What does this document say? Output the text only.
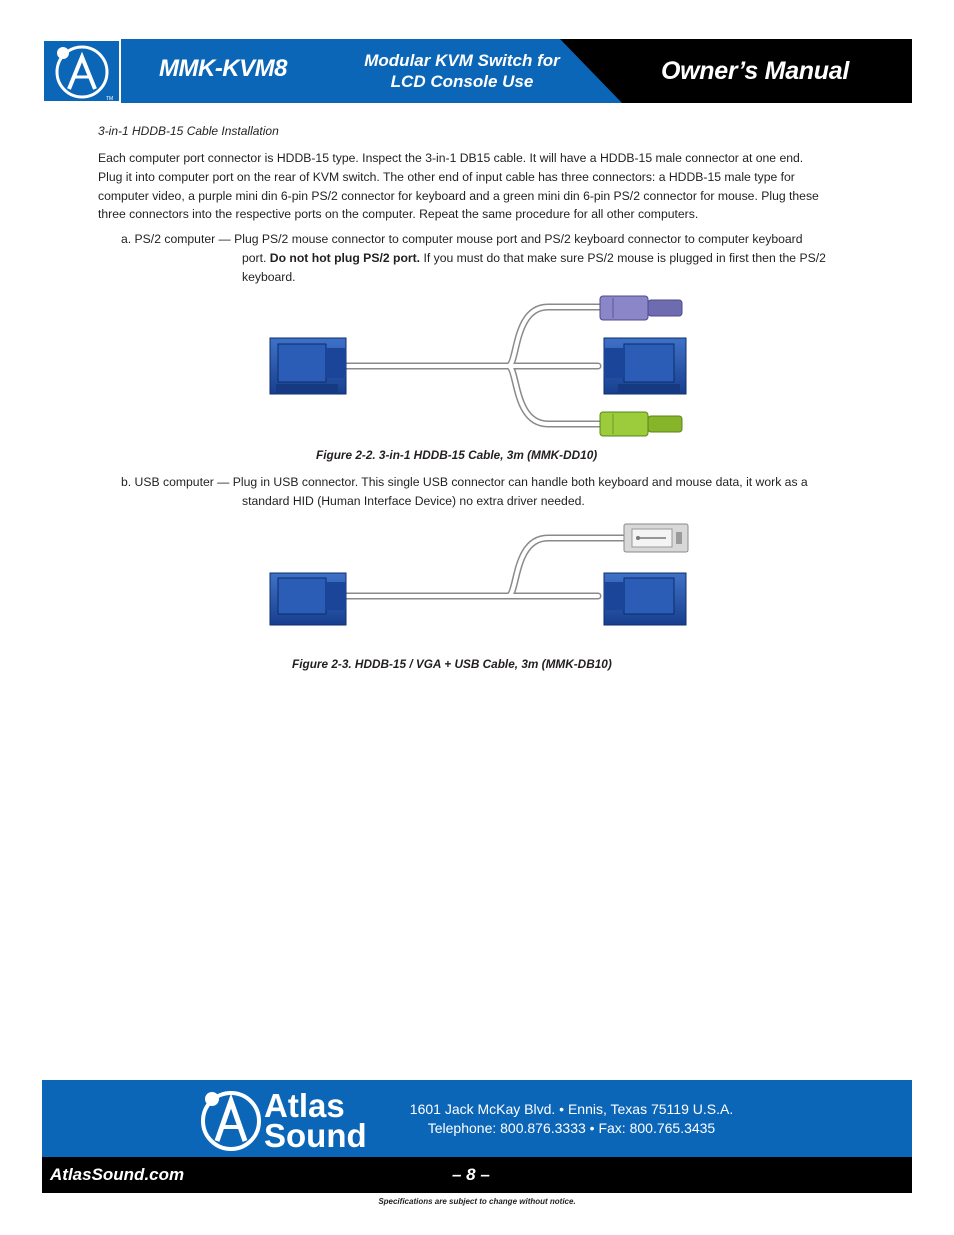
TM
MMK-KVM8	Modular KVM Switch for
LCD Console Use	Owner’s Manual
3-in-1 HDDB-15 Cable Installation

Each computer port connector is HDDB-15 type. Inspect the 3-in-1 DB15 cable. It will have a HDDB-15 male connector at one end.
Plug it into computer port on the rear of KVM switch. The other end of input cable has three connectors: a HDDB-15 male type for
computer video, a purple mini din 6-pin PS/2 connector for keyboard and a green mini din 6-pin PS/2 connector for mouse. Plug these
three connectors into the respective ports on the computer. Repeat the same procedure for all other computers.

a. PS/2 computer — Plug PS/2 mouse connector to computer mouse port and PS/2 keyboard connector to computer keyboard
port. Do not hot plug PS/2 port. If you must do that make sure PS/2 mouse is plugged in first then the PS/2
keyboard.
Figure 2-2. 3-in-1 HDDB-15 Cable, 3m (MMK-DD10)
b. USB computer — Plug in USB connector. This single USB connector can handle both keyboard and mouse data, it work as a
standard HID (Human Interface Device) no extra driver needed.
Figure 2-3. HDDB-15 / VGA + USB Cable, 3m (MMK-DB10)
Atlas
Sound
1601 Jack McKay Blvd. • Ennis, Texas 75119 U.S.A.
Telephone: 800.876.3333 • Fax: 800.765.3435
AtlasSound.com	– 8 –
Specifications are subject to change without notice.
